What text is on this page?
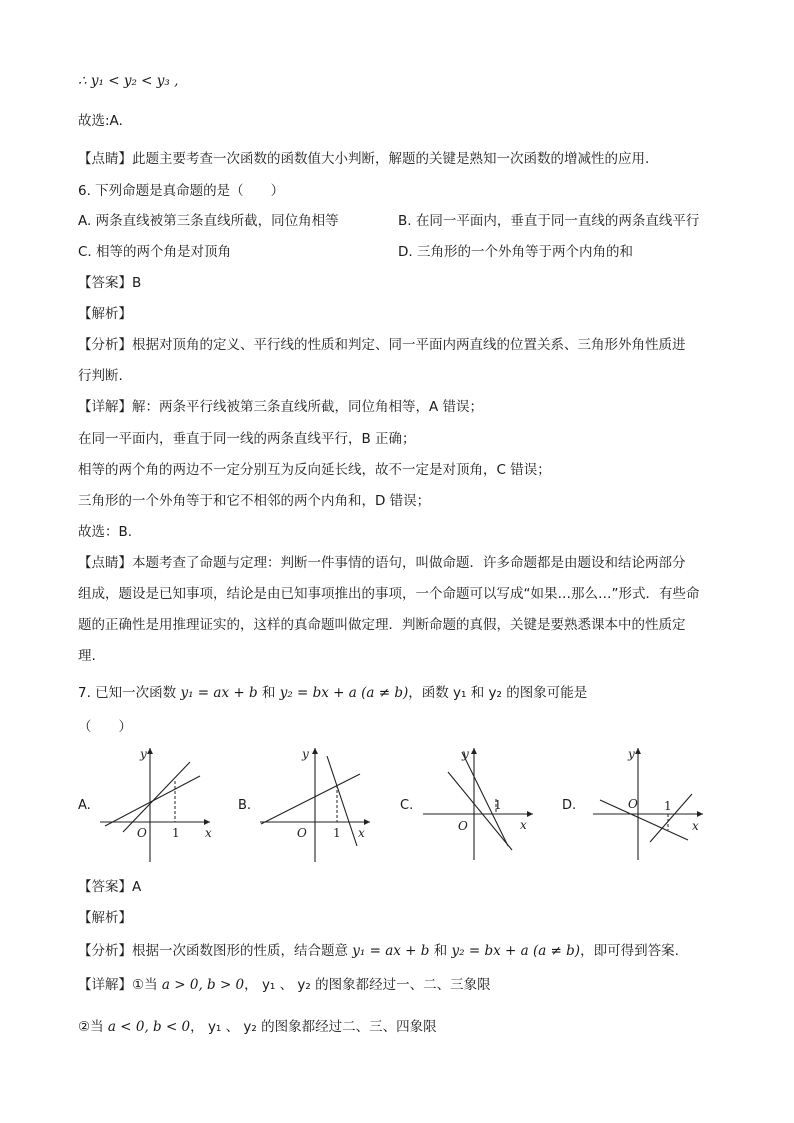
∴ y₁ < y₂ < y₃ ,
故选:A.
【点睛】此题主要考查一次函数的函数值大小判断，解题的关键是熟知一次函数的增减性的应用.
6. 下列命题是真命题的是（　　）
A. 两条直线被第三条直线所截，同位角相等	B. 在同一平面内，垂直于同一直线的两条直线平行
C. 相等的两个角是对顶角	D. 三角形的一个外角等于两个内角的和
【答案】B
【解析】
【分析】根据对顶角的定义、平行线的性质和判定、同一平面内两直线的位置关系、三角形外角性质进
行判断.
【详解】解：两条平行线被第三条直线所截，同位角相等，A 错误；
在同一平面内，垂直于同一线的两条直线平行，B 正确；
相等的两个角的两边不一定分别互为反向延长线，故不一定是对顶角，C 错误；
三角形的一个外角等于和它不相邻的两个内角和，D 错误；
故选：B.
【点睛】本题考查了命题与定理：判断一件事情的语句，叫做命题．许多命题都是由题设和结论两部分
组成，题设是已知事项，结论是由已知事项推出的事项，一个命题可以写成“如果…那么…”形式．有些命
题的正确性是用推理证实的，这样的真命题叫做定理．判断命题的真假，关键是要熟悉课本中的性质定
理.
7. 已知一次函数 y₁ = ax + b 和 y₂ = bx + a (a ≠ b)，函数 y₁ 和 y₂ 的图象可能是
（　　）
A.	B.	C.	D.
y
x
O 1
y
x
O 1
y
x
O
1
y
x
O 1
【答案】A
【解析】
【分析】根据一次函数图形的性质，结合题意 y₁ = ax + b 和 y₂ = bx + a (a ≠ b)，即可得到答案.
【详解】①当 a > 0, b > 0， y₁ 、 y₂ 的图象都经过一、二、三象限
②当 a < 0, b < 0， y₁ 、 y₂ 的图象都经过二、三、四象限
